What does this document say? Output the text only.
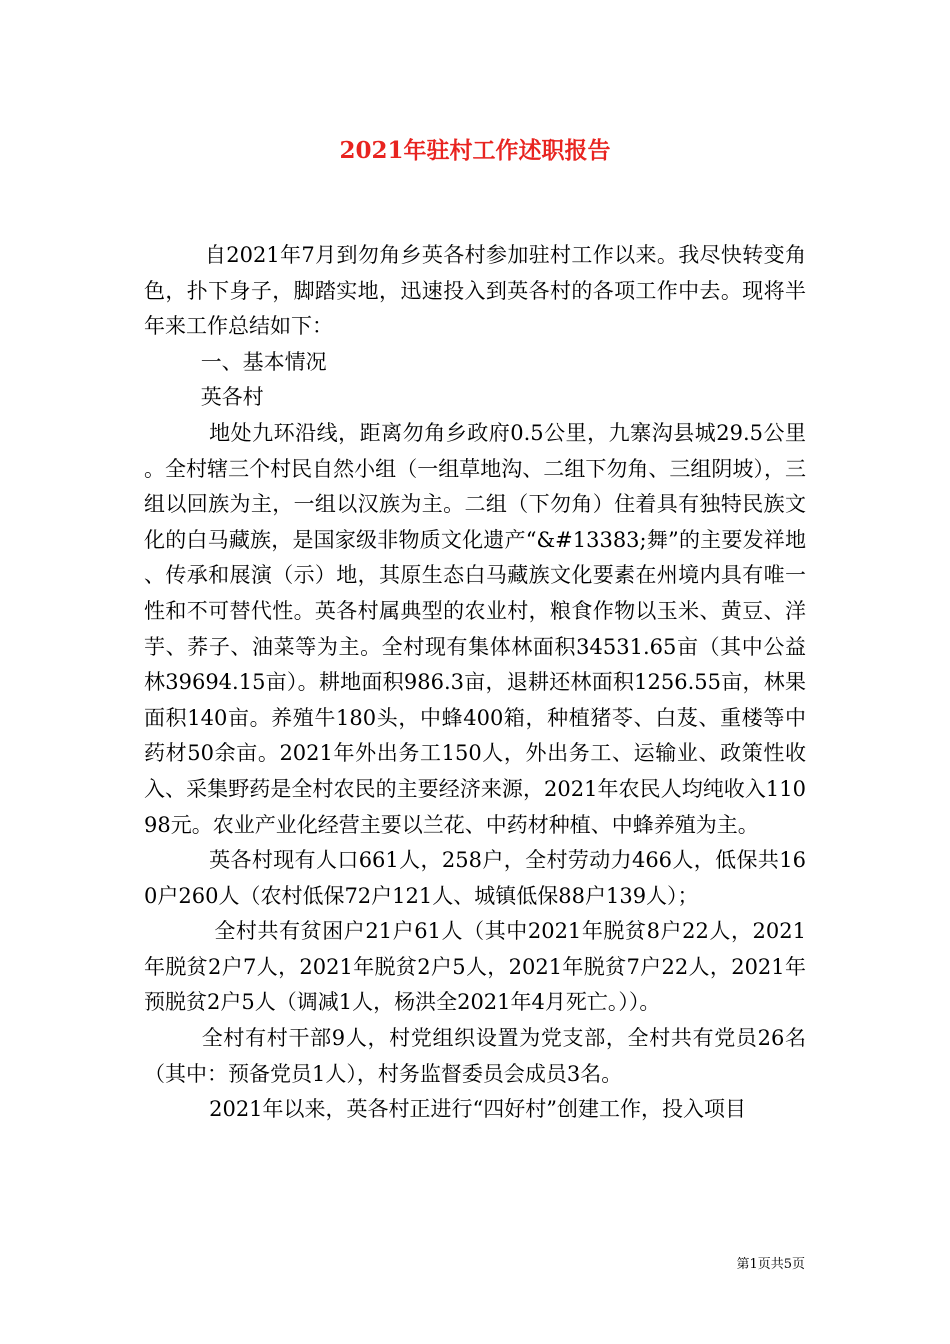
2021年驻村工作述职报告

自2021年7月到勿角乡英各村参加驻村工作以来。我尽快转变角色，扑下身子，脚踏实地，迅速投入到英各村的各项工作中去。现将半年来工作总结如下：

一、基本情况

英各村

地处九环沿线，距离勿角乡政府0.5公里，九寨沟县城29.5公里。全村辖三个村民自然小组（一组草地沟、二组下勿角、三组阴坡），三组以回族为主，一组以汉族为主。二组（下勿角）住着具有独特民族文化的白马藏族，是国家级非物质文化遗产“&#13383;舞”的主要发祥地、传承和展演（示）地，其原生态白马藏族文化要素在州境内具有唯一性和不可替代性。英各村属典型的农业村，粮食作物以玉米、黄豆、洋芋、荞子、油菜等为主。全村现有集体林面积34531.65亩（其中公益林39694.15亩）。耕地面积986.3亩，退耕还林面积1256.55亩，林果面积140亩。养殖牛180头，中蜂400箱，种植猪苓、白芨、重楼等中药材50余亩。2021年外出务工150人，外出务工、运输业、政策性收入、采集野药是全村农民的主要经济来源，2021年农民人均纯收入11098元。农业产业化经营主要以兰花、中药材种植、中蜂养殖为主。

英各村现有人口661人，258户，全村劳动力466人，低保共160户260人（农村低保72户121人、城镇低保88户139人）；

全村共有贫困户21户61人（其中2021年脱贫8户22人，2021年脱贫2户7人，2021年脱贫2户5人，2021年脱贫7户22人，2021年预脱贫2户5人（调减1人，杨洪全2021年4月死亡。））。

全村有村干部9人，村党组织设置为党支部，全村共有党员26名（其中：预备党员1人），村务监督委员会成员3名。

2021年以来，英各村正进行“四好村”创建工作，投入项目

第1页共5页
